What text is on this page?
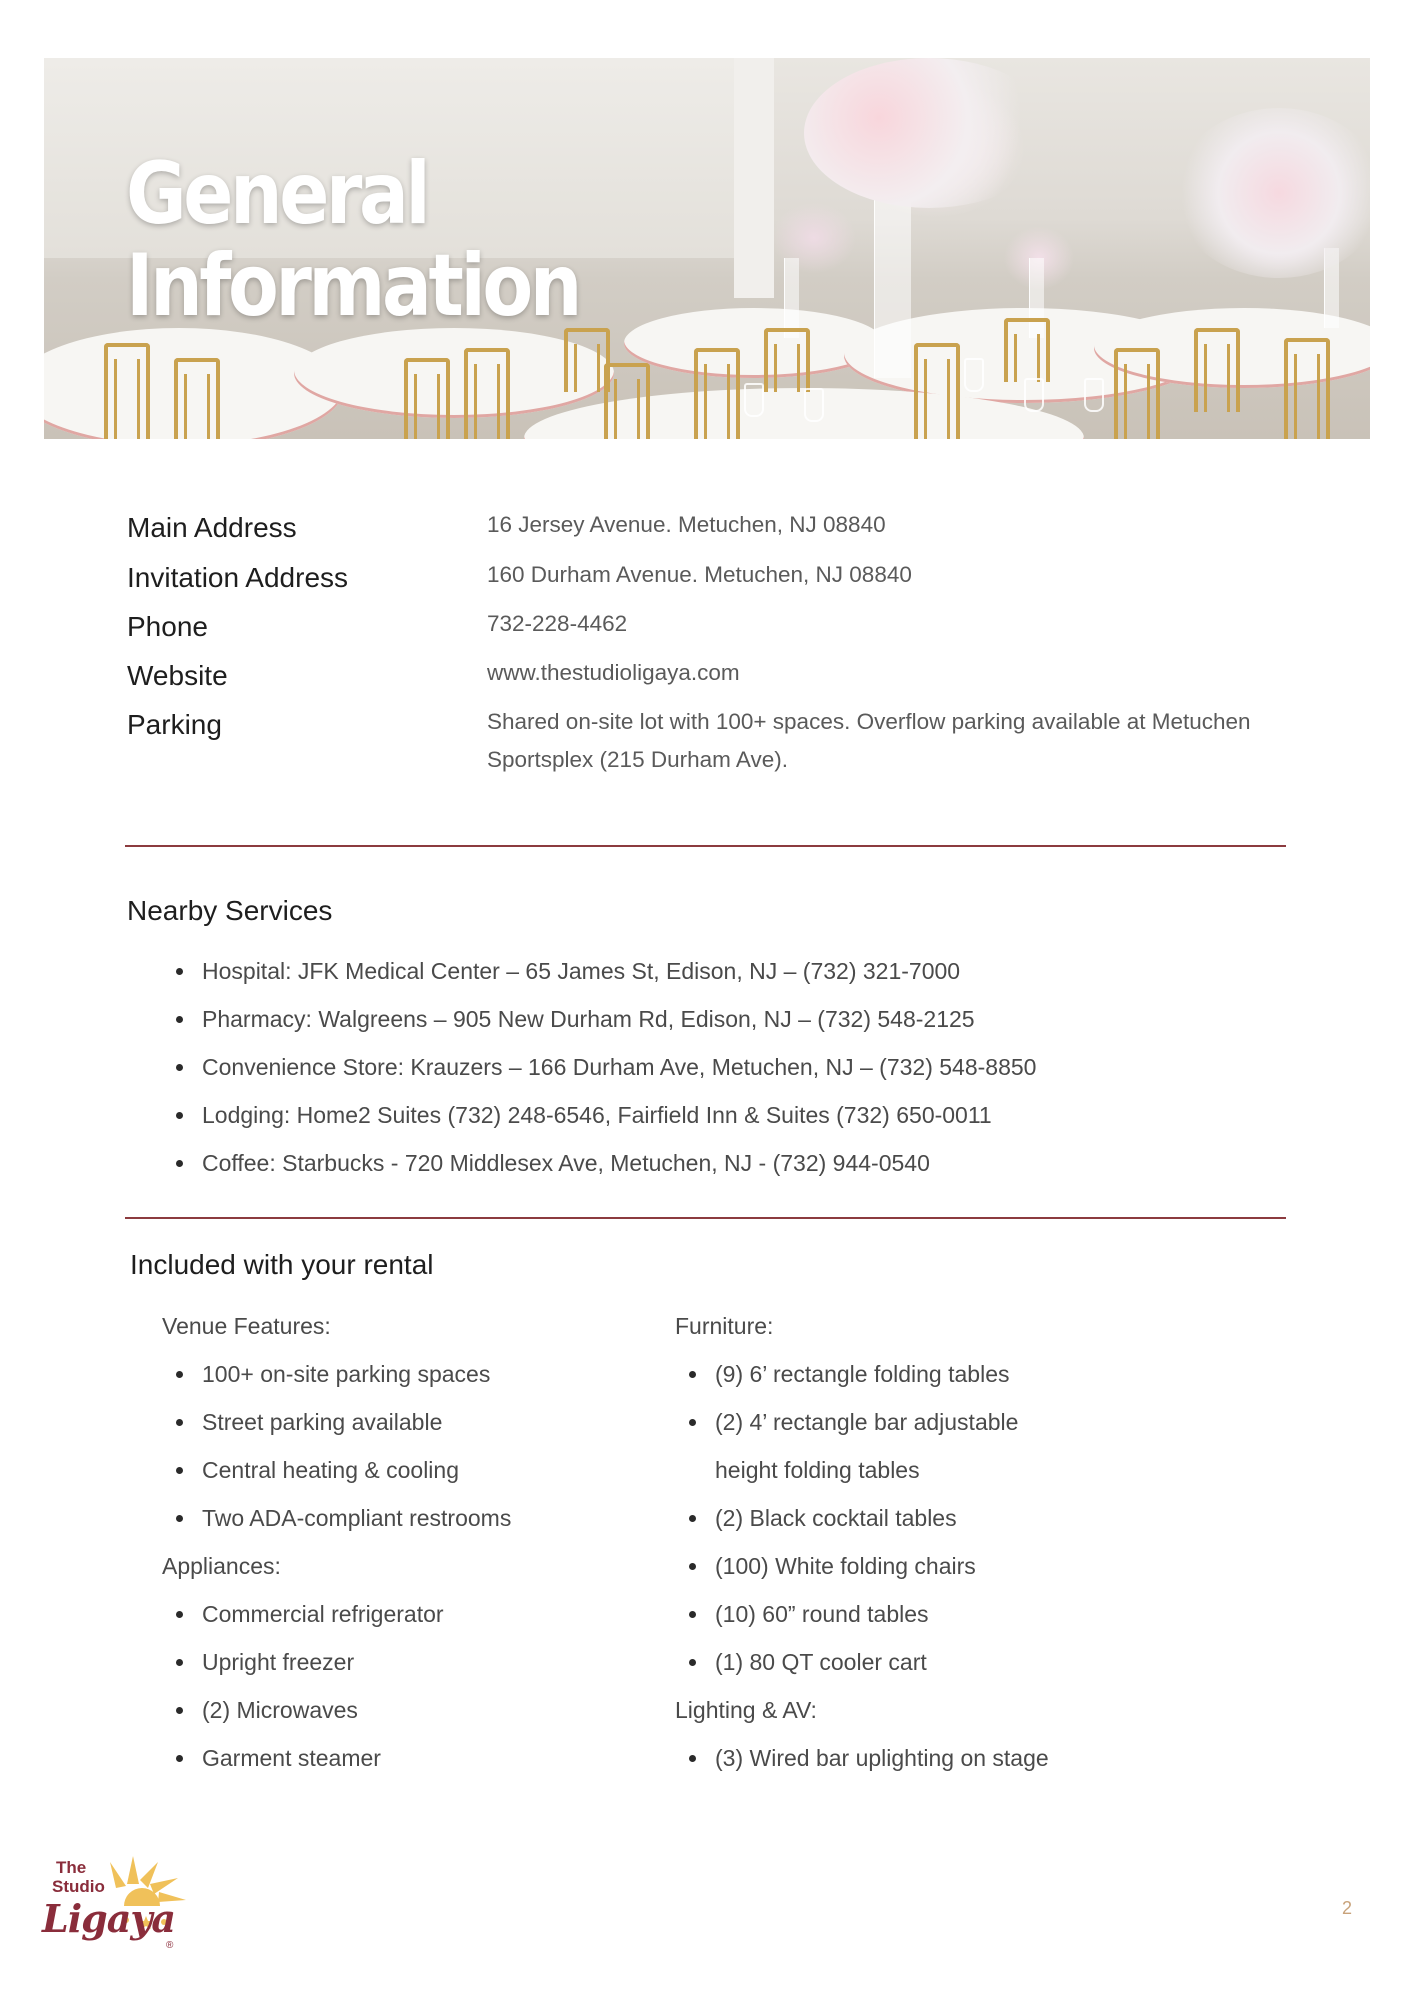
General
Information
Main Address	16 Jersey Avenue. Metuchen, NJ 08840
Invitation Address	160 Durham Avenue. Metuchen, NJ 08840
Phone	732-228-4462
Website	www.thestudioligaya.com
Parking	Shared on-site lot with 100+ spaces. Overflow parking available at Metuchen Sportsplex (215 Durham Ave).
Nearby Services
Hospital: JFK Medical Center – 65 James St, Edison, NJ – (732) 321-7000
Pharmacy: Walgreens – 905 New Durham Rd, Edison, NJ – (732) 548-2125
Convenience Store: Krauzers – 166 Durham Ave, Metuchen, NJ – (732) 548-8850
Lodging: Home2 Suites (732) 248-6546, Fairfield Inn & Suites (732) 650-0011
Coffee: Starbucks - 720 Middlesex Ave, Metuchen, NJ - (732) 944-0540
Included with your rental
Venue Features:
100+ on-site parking spaces
Street parking available
Central heating & cooling
Two ADA-compliant restrooms
Appliances:
Commercial refrigerator
Upright freezer
(2) Microwaves
Garment steamer
Furniture:
(9) 6’ rectangle folding tables
(2) 4’ rectangle bar adjustable
height folding tables
(2) Black cocktail tables
(100) White folding chairs
(10) 60” round tables
(1) 80 QT cooler cart
Lighting & AV:
(3) Wired bar uplighting on stage
The
Studio
Ligaya
®
2
